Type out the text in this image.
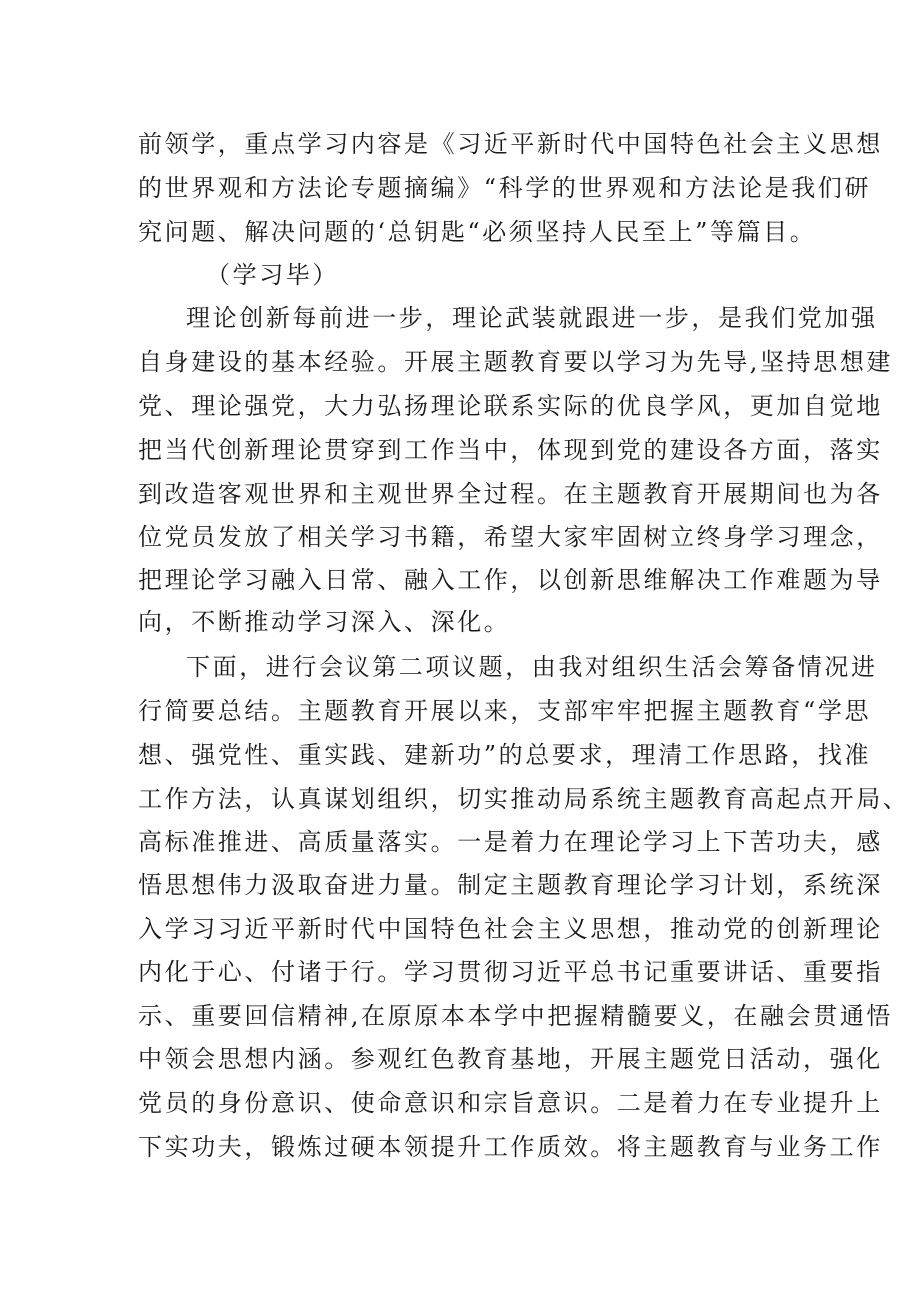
前领学，重点学习内容是《习近平新时代中国特色社会主义思想
的世界观和方法论专题摘编》“科学的世界观和方法论是我们研
究问题、解决问题的‘总钥匙“必须坚持人民至上”等篇目。
（学习毕）
理论创新每前进一步，理论武装就跟进一步，是我们党加强
自身建设的基本经验。开展主题教育要以学习为先导,坚持思想建
党、理论强党，大力弘扬理论联系实际的优良学风，更加自觉地
把当代创新理论贯穿到工作当中，体现到党的建设各方面，落实
到改造客观世界和主观世界全过程。在主题教育开展期间也为各
位党员发放了相关学习书籍，希望大家牢固树立终身学习理念，
把理论学习融入日常、融入工作，以创新思维解决工作难题为导
向，不断推动学习深入、深化。
下面，进行会议第二项议题，由我对组织生活会筹备情况进
行简要总结。主题教育开展以来，支部牢牢把握主题教育“学思
想、强党性、重实践、建新功”的总要求，理清工作思路，找准
工作方法，认真谋划组织，切实推动局系统主题教育高起点开局、
高标准推进、高质量落实。一是着力在理论学习上下苦功夫，感
悟思想伟力汲取奋进力量。制定主题教育理论学习计划，系统深
入学习习近平新时代中国特色社会主义思想，推动党的创新理论
内化于心、付诸于行。学习贯彻习近平总书记重要讲话、重要指
示、重要回信精神,在原原本本学中把握精髓要义，在融会贯通悟
中领会思想内涵。参观红色教育基地，开展主题党日活动，强化
党员的身份意识、使命意识和宗旨意识。二是着力在专业提升上
下实功夫，锻炼过硬本领提升工作质效。将主题教育与业务工作
